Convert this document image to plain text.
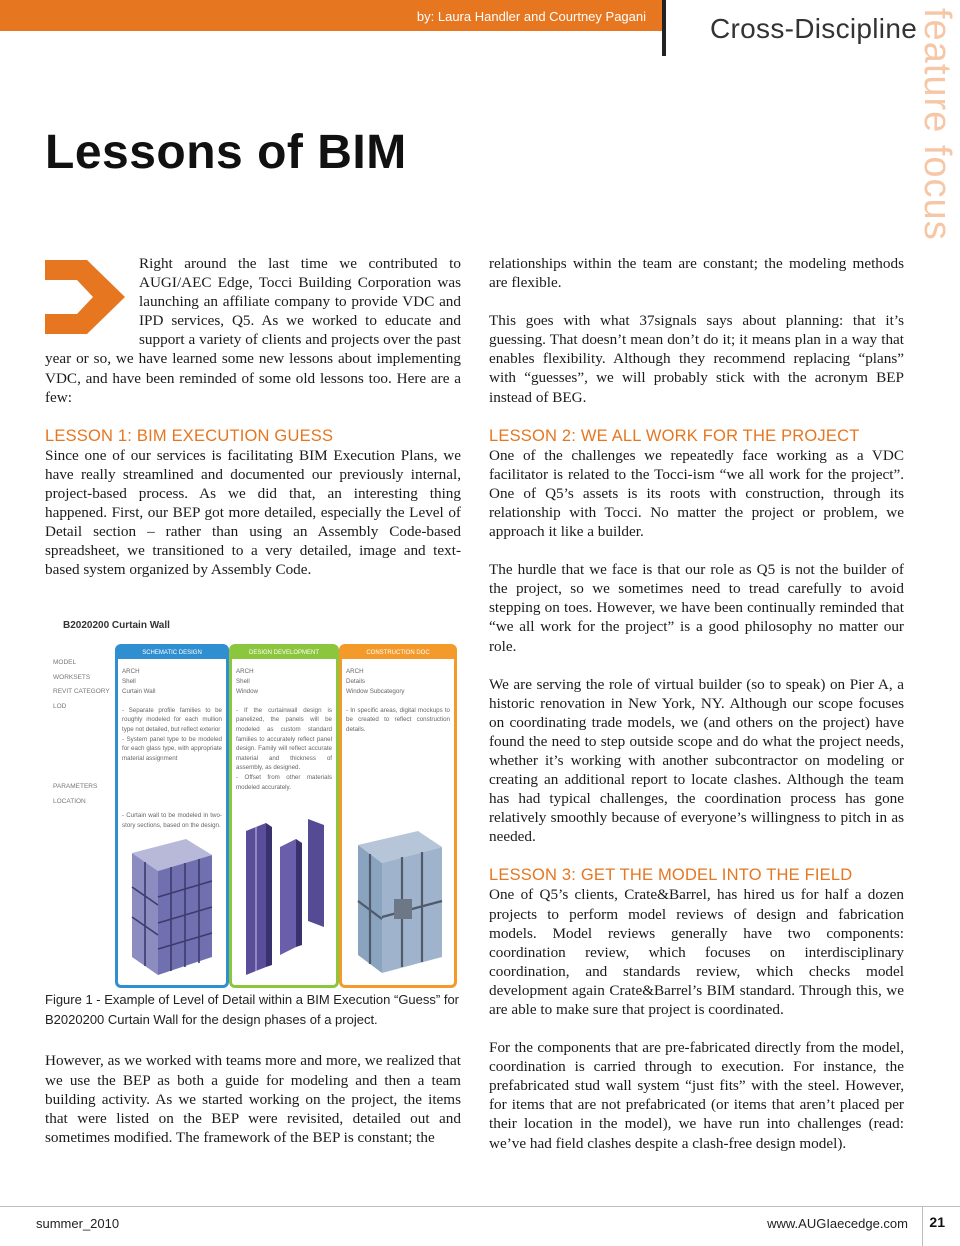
by: Laura Handler and Courtney Pagani Cross-Discipline
feature focus
Lessons of BIM

Right around the last time we contributed to AUGI/AEC Edge, Tocci Building Corporation was launching an affiliate company to provide VDC and IPD services, Q5. As we worked to educate and support a variety of clients and projects over the past year or so, we have learned some new lessons about implementing VDC, and have been reminded of some old lessons too. Here are a few:

LESSON 1: BIM EXECUTION GUESS

Since one of our services is facilitating BIM Execution Plans, we have really streamlined and documented our previously internal, project-based process. As we did that, an interesting thing happened. First, our BEP got more detailed, especially the Level of Detail section – rather than using an Assembly Code-based spreadsheet, we transitioned to a very detailed, image and text-based system organized by Assembly Code.

B2020200 Curtain Wall
MODEL
WORKSETS
REVIT CATEGORY
LOD
PARAMETERS
LOCATION
SCHEMATIC DESIGN
ARCH
Shell
Curtain Wall

- Separate profile families to be roughly modeled for each mullion type not detailed, but reflect exterior
- System panel type to be modeled for each glass type, with appropriate material assignment

- Curtain wall to be modeled in two-story sections, based on the design.
DESIGN DEVELOPMENT
ARCH
Shell
Window

- If the curtainwall design is panelized, the panels will be modeled as custom standard families to accurately reflect panel design. Family will reflect accurate material and thickness of assembly, as designed.
- Offset from other materials modeled accurately.
CONSTRUCTION DOC
ARCH
Details
Window Subcategory

- In specific areas, digital mockups to be created to reflect construction details.
Figure 1 - Example of Level of Detail within a BIM Execution “Guess” for B2020200 Curtain Wall for the design phases of a project.

However, as we worked with teams more and more, we realized that we use the BEP as both a guide for modeling and then a team building activity. As we started working on the project, the items that were listed on the BEP were revisited, detailed out and sometimes modified. The framework of the BEP is constant; the

relationships within the team are constant; the modeling methods are flexible.

This goes with what 37signals says about planning: that it’s guessing. That doesn’t mean don’t do it; it means plan in a way that enables flexibility. Although they recommend replacing “plans” with “guesses”, we will probably stick with the acronym BEP instead of BEG.

LESSON 2: WE ALL WORK FOR THE PROJECT

One of the challenges we repeatedly face working as a VDC facilitator is related to the Tocci-ism “we all work for the project”. One of Q5’s assets is its roots with construction, through its relationship with Tocci. No matter the project or problem, we approach it like a builder.

The hurdle that we face is that our role as Q5 is not the builder of the project, so we sometimes need to tread carefully to avoid stepping on toes. However, we have been continually reminded that “we all work for the project” is a good philosophy no matter our role.

We are serving the role of virtual builder (so to speak) on Pier A, a historic renovation in New York, NY. Although our scope focuses on coordinating trade models, we (and others on the project) have found the need to step outside scope and do what the project needs, whether it’s working with another subcontractor on modeling or creating an additional report to locate clashes. Although the team has had typical challenges, the coordination process has gone relatively smoothly because of everyone’s willingness to pitch in as needed.

LESSON 3: GET THE MODEL INTO THE FIELD

One of Q5’s clients, Crate&Barrel, has hired us for half a dozen projects to perform model reviews of design and fabrication models. Model reviews generally have two components: coordination review, which focuses on interdisciplinary coordination, and standards review, which checks model development again Crate&Barrel’s BIM standard. Through this, we are able to make sure that project is coordinated.

For the components that are pre-fabricated directly from the model, coordination is carried through to execution. For instance, the prefabricated stud wall system “just fits” with the steel. However, for items that are not prefabricated (or items that aren’t placed per their location in the model), we have run into challenges (read: we’ve had field clashes despite a clash-free design model).

summer_2010	www.AUGIaecedge.com 21
